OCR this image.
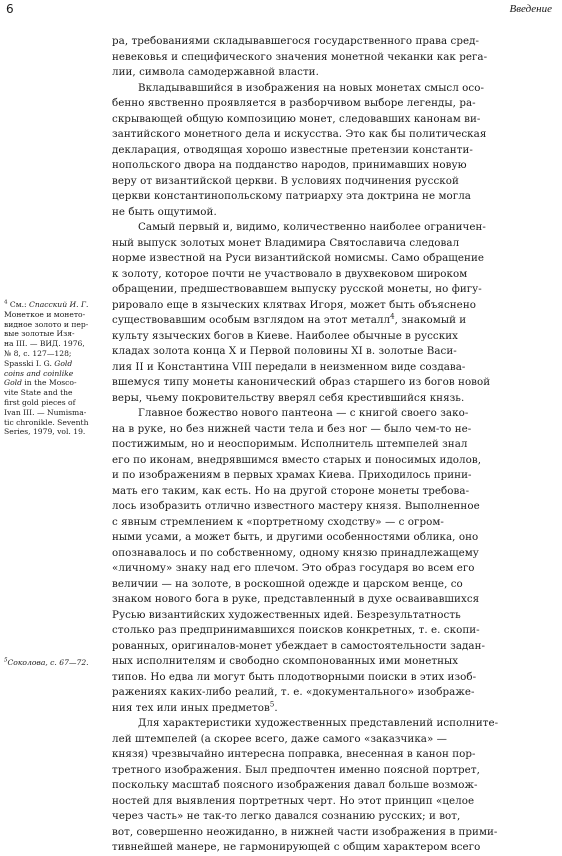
6	Введение

ра, требованиями складывавшегося государственного права сред-
невековья и специфического значения монетной чеканки как регa-
лии, символа самодержавной власти.

Вкладывавшийся в изображения на новых монетах смысл осо-
бенно явственно проявляется в разборчивом выборе легенды, ра-
скрывающей общую композицию монет, следовавших канонам ви-
зантийского монетного дела и искусства. Это как бы политическая
декларация, отводящая хорошо известные претензии константи-
нопольского двора на подданство народов, принимавших новую
веру от византийской церкви. В условиях подчинения русской
церкви константинопольскому патриарху эта доктрина не могла
не быть ощутимой.

Самый первый и, видимо, количественно наиболее ограничен-
ный выпуск золотых монет Владимира Святославича следовал
норме известной на Руси византийской номисмы. Само обращение
к золоту, которое почти не участвовало в двухвековом широком
обращении, предшествовавшем выпуску русской монеты, но фигу-
рировало еще в языческих клятвах Игоря, может быть объяснено
существовавшим особым взглядом на этот металл$^4$, знакомый и
культу языческих богов в Киеве. Наиболее обычные в русских
кладах золота конца X и Первой половины XI в. золотые Васи-
лия II и Константина VIII передали в неизменном виде создава-
вшемуся типу монеты канонический образ старшего из богов новой
веры, чьему покровительству вверял себя крестившийся князь.

Главное божество нового пантеона — с книгой своего зако-
на в руке, но без нижней части тела и без ног — было чем-то не-
постижимым, но и неоспоримым. Исполнитель штемпелей знал
его по иконам, внедрявшимся вместо старых и поносимых идолов,
и по изображениям в первых храмах Киева. Приходилось прини-
мать его таким, как есть. Но на другой стороне монеты требова-
лось изобразить отлично известного мастеру князя. Выполненное
с явным стремлением к «портретному сходству» — с огром-
ными усами, а может быть, и другими особенностями облика, оно
опознавалось и по собственному, одному князю принадлежащему
«личному» знаку над его плечом. Это образ государя во всем его
величии — на золоте, в роскошной одежде и царском венце, со
знаком нового бога в руке, представленный в духе осваивавшихся
Русью византийских художественных идей. Безрезультатность
столько раз предпринимавшихся поисков конкретных, т. е. скопи-
рованных, оригиналов-монет убеждает в самостоятельности задан-
ных исполнителям и свободно скомпонованных ими монетных
типов. Но едва ли могут быть плодотворными поиски в этих изоб-
ражениях каких-либо реалий, т. е. «документального» изображе-
ния тех или иных предметов$^5$.

Для характеристики художественных представлений исполните-
лей штемпелей (а скорее всего, даже самого «заказчика» —
князя) чрезвычайно интересна поправка, внесенная в канон пор-
третного изображения. Был предпочтен именно поясной портрет,
поскольку масштаб поясного изображения давал больше возмож-
ностей для выявления портретных черт. Но этот принцип «целое
через часть» не так-то легко давался сознанию русских; и вот,
вот, совершенно неожиданно, в нижней части изображения в прими-
тивнейшей манере, не гармонирующей с общим характером всего

$^4$ См.: Спасский И. Г.
Монеткое и монето-
видное золото и пер-
вые золотые Изя-
на III. — ВИД. 1976,
№ 8, с. 127—128;
Spasski I. G. Gold
coins and coinlike
Gold in the Mosco-
vite State and the
first gold pieces of
Ivan III. — Numisma-
tic chronikle. Seventh
Series, 1979, vol. 19.
$^5$Соколова, с. 67—72.
